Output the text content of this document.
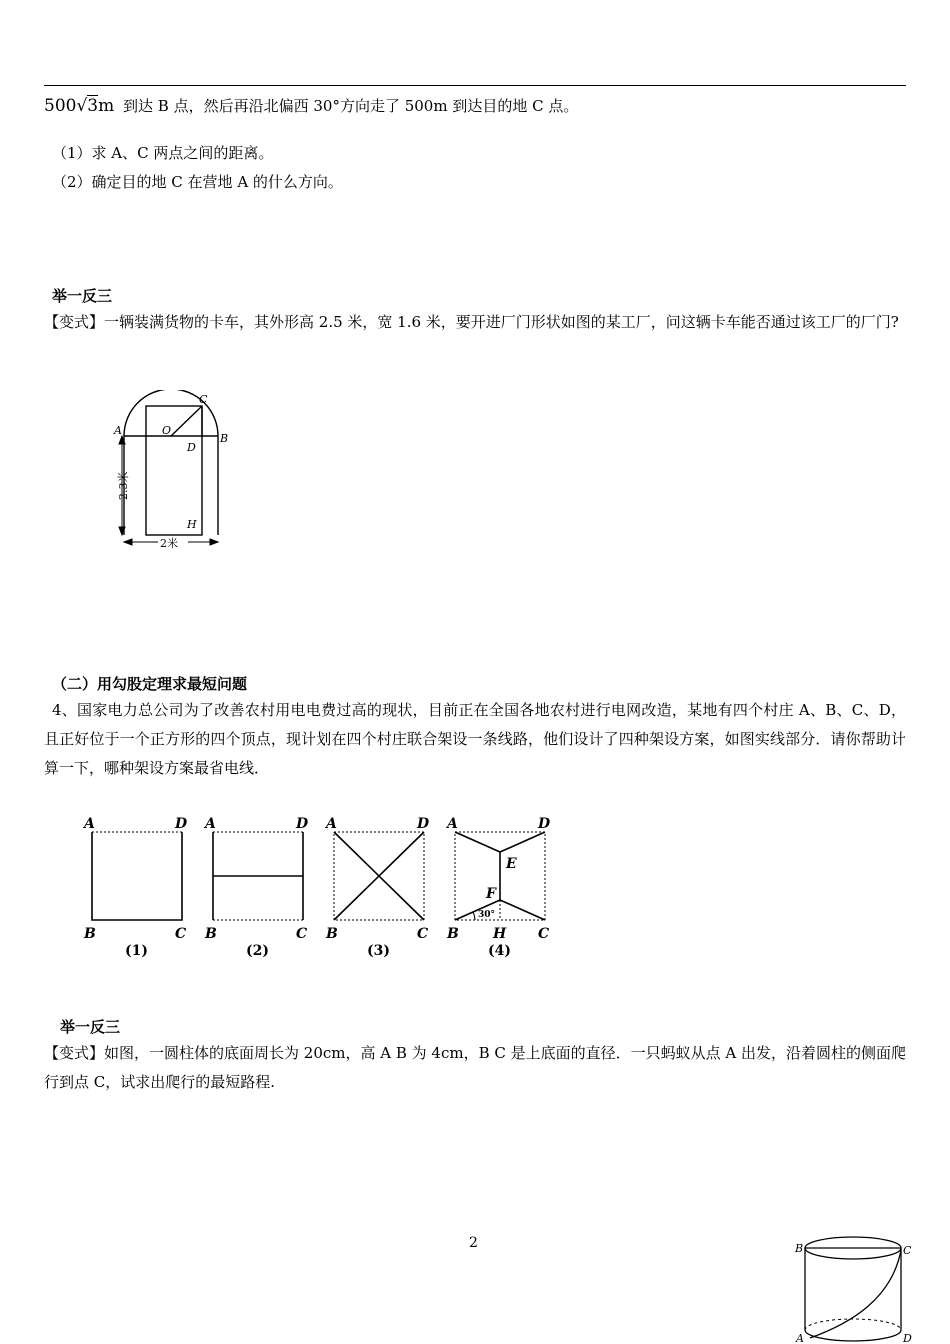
500√3m 到达 B 点，然后再沿北偏西 30°方向走了 500m 到达目的地 C 点。
（1）求 A、C 两点之间的距离。
（2）确定目的地 C 在营地 A 的什么方向。
举一反三
【变式】一辆装满货物的卡车，其外形高 2.5 米，宽 1.6 米，要开进厂门形状如图的某工厂，问这辆卡车能否通过该工厂的厂门?
A
B
C
O
D
H
2.3米
2米
（二）用勾股定理求最短问题
4、国家电力总公司为了改善农村用电电费过高的现状，目前正在全国各地农村进行电网改造，某地有四个村庄 A、B、C、D，且正好位于一个正方形的四个顶点，现计划在四个村庄联合架设一条线路，他们设计了四种架设方案，如图实线部分．请你帮助计算一下，哪种架设方案最省电线．
A	D
B	C
A	D
B	C
A	D
B	C
A	D
B	C
E
F
H
30°
(1)	(2)	(3)	(4)
举一反三
【变式】如图，一圆柱体的底面周长为 20cm，高 A B 为 4cm，B C 是上底面的直径．一只蚂蚁从点 A 出发，沿着圆柱的侧面爬行到点 C，试求出爬行的最短路程.
2	B	C
A	D
